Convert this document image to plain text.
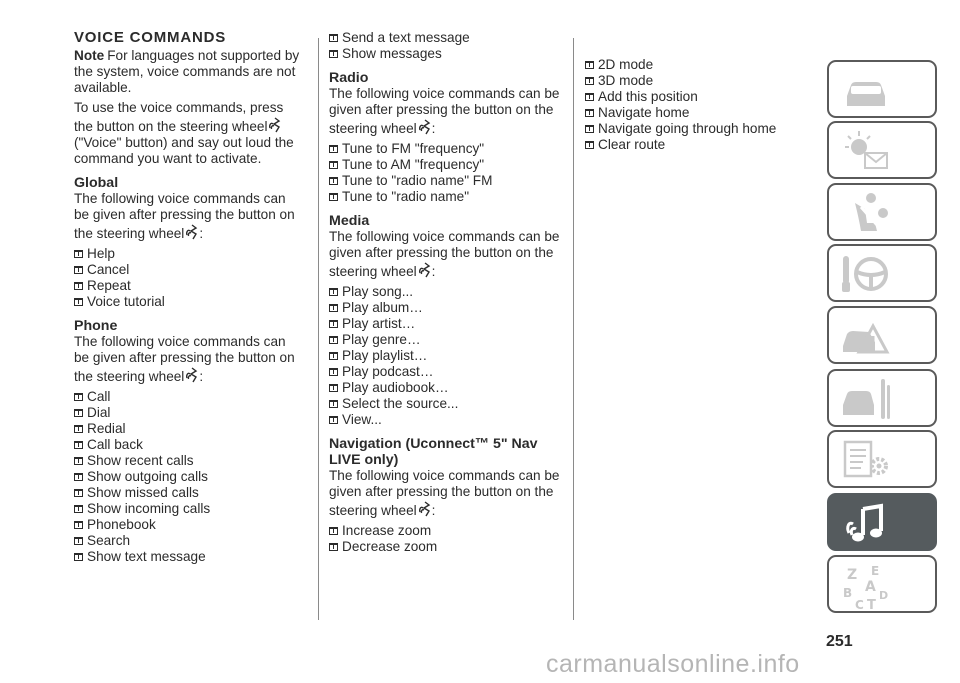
VOICE COMMANDS
Note For languages not supported by the system, voice commands are not available.
To use the voice commands, press the button on the steering wheel ("Voice" button) and say out loud the command you want to activate.
Global
The following voice commands can be given after pressing the button on the steering wheel :
Help
Cancel
Repeat
Voice tutorial
Phone
The following voice commands can be given after pressing the button on the steering wheel :
Call
Dial
Redial
Call back
Show recent calls
Show outgoing calls
Show missed calls
Show incoming calls
Phonebook
Search
Show text message
Send a text message
Show messages
Radio
The following voice commands can be given after pressing the button on the steering wheel :
Tune to FM "frequency"
Tune to AM "frequency"
Tune to "radio name" FM
Tune to "radio name"
Media
The following voice commands can be given after pressing the button on the steering wheel :
Play song...
Play album…
Play artist…
Play genre…
Play playlist…
Play podcast…
Play audiobook…
Select the source...
View...
Navigation (Uconnect™ 5" Nav
LIVE only)
The following voice commands can be given after pressing the button on the steering wheel :
Increase zoom
Decrease zoom
2D mode
3D mode
Add this position
Navigate home
Navigate going through home
Clear route
Z E
B A
D
C T
251
carmanualsonline.info
